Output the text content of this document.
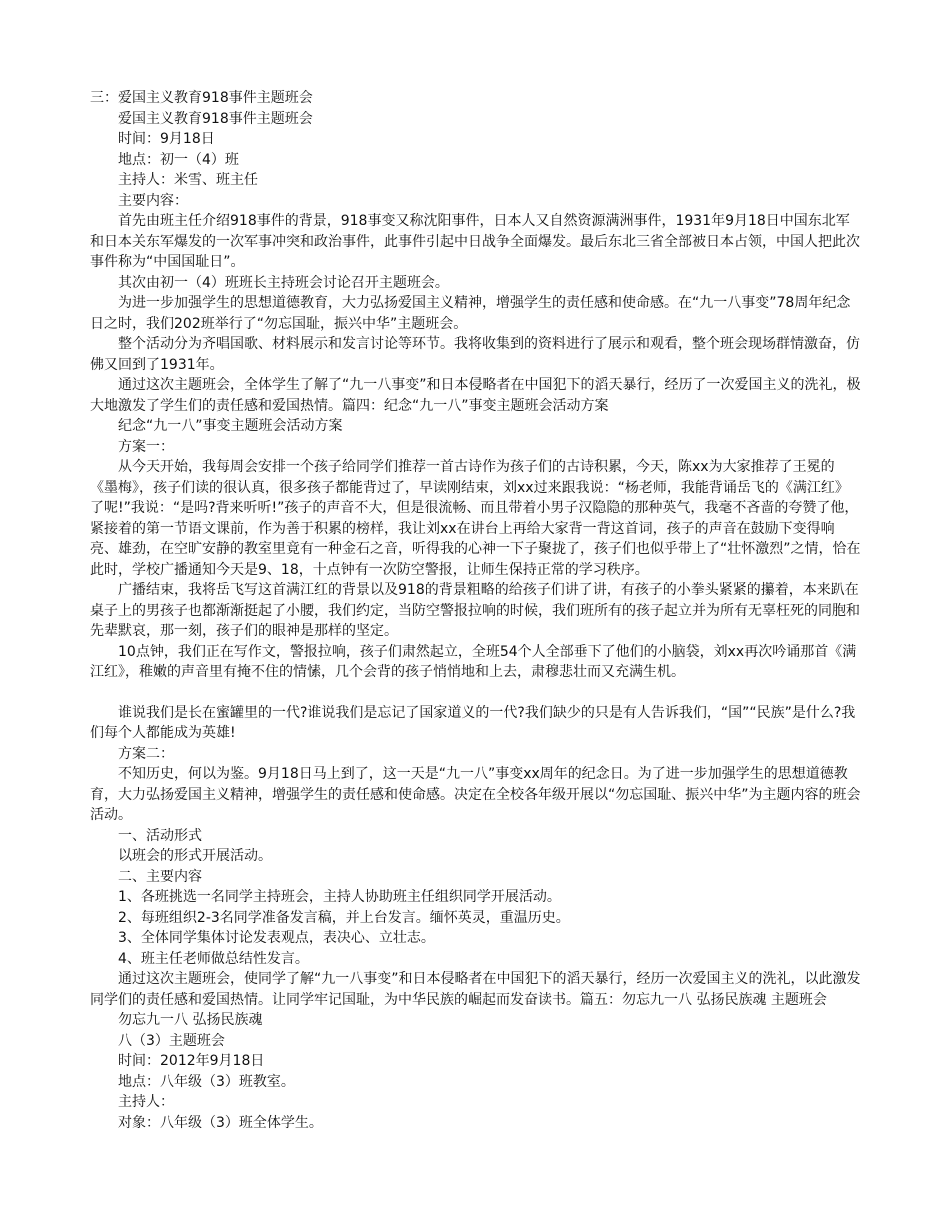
三：爱国主义教育918事件主题班会

爱国主义教育918事件主题班会

时间：9月18日

地点：初一（4）班

主持人：米雪、班主任

主要内容：

首先由班主任介绍918事件的背景，918事变又称沈阳事件，日本人又自然资源满洲事件，1931年9月18日中国东北军和日本关东军爆发的一次军事冲突和政治事件，此事件引起中日战争全面爆发。最后东北三省全部被日本占领，中国人把此次事件称为“中国国耻日”。

其次由初一（4）班班长主持班会讨论召开主题班会。

为进一步加强学生的思想道德教育，大力弘扬爱国主义精神，增强学生的责任感和使命感。在“九一八事变”78周年纪念日之时，我们202班举行了“勿忘国耻，振兴中华”主题班会。

整个活动分为齐唱国歌、材料展示和发言讨论等环节。我将收集到的资料进行了展示和观看，整个班会现场群情激奋，仿佛又回到了1931年。

通过这次主题班会，全体学生了解了“九一八事变”和日本侵略者在中国犯下的滔天暴行，经历了一次爱国主义的洗礼，极大地激发了学生们的责任感和爱国热情。篇四：纪念“九一八”事变主题班会活动方案

纪念“九一八”事变主题班会活动方案

方案一：

从今天开始，我每周会安排一个孩子给同学们推荐一首古诗作为孩子们的古诗积累，今天，陈xx为大家推荐了王冕的《墨梅》，孩子们读的很认真，很多孩子都能背过了，早读刚结束，刘xx过来跟我说：“杨老师，我能背诵岳飞的《满江红》了呢!”我说：“是吗?背来听听!”孩子的声音不大，但是很流畅、而且带着小男子汉隐隐的那种英气，我毫不吝啬的夸赞了他，紧接着的第一节语文课前，作为善于积累的榜样，我让刘xx在讲台上再给大家背一背这首词，孩子的声音在鼓励下变得响亮、雄劲，在空旷安静的教室里竟有一种金石之音，听得我的心神一下子聚拢了，孩子们也似乎带上了“壮怀激烈”之情，恰在此时，学校广播通知今天是9、18，十点钟有一次防空警报，让师生保持正常的学习秩序。

广播结束，我将岳飞写这首满江红的背景以及918的背景粗略的给孩子们讲了讲，有孩子的小拳头紧紧的攥着，本来趴在桌子上的男孩子也都渐渐挺起了小腰，我们约定，当防空警报拉响的时候，我们班所有的孩子起立并为所有无辜枉死的同胞和先辈默哀，那一刻，孩子们的眼神是那样的坚定。

10点钟，我们正在写作文，警报拉响，孩子们肃然起立，全班54个人全部垂下了他们的小脑袋，刘xx再次吟诵那首《满江红》，稚嫩的声音里有掩不住的情愫，几个会背的孩子悄悄地和上去，肃穆悲壮而又充满生机。

谁说我们是长在蜜罐里的一代?谁说我们是忘记了国家道义的一代?我们缺少的只是有人告诉我们，“国”“民族”是什么?我们每个人都能成为英雄!

方案二：

不知历史，何以为鉴。9月18日马上到了，这一天是“九一八”事变xx周年的纪念日。为了进一步加强学生的思想道德教育，大力弘扬爱国主义精神，增强学生的责任感和使命感。决定在全校各年级开展以“勿忘国耻、振兴中华”为主题内容的班会活动。

一、活动形式

以班会的形式开展活动。

二、主要内容

1、各班挑选一名同学主持班会，主持人协助班主任组织同学开展活动。

2、每班组织2-3名同学准备发言稿，并上台发言。缅怀英灵，重温历史。

3、全体同学集体讨论发表观点，表决心、立壮志。

4、班主任老师做总结性发言。

通过这次主题班会，使同学了解“九一八事变”和日本侵略者在中国犯下的滔天暴行，经历一次爱国主义的洗礼，以此激发同学们的责任感和爱国热情。让同学牢记国耻，为中华民族的崛起而发奋读书。篇五：勿忘九一八 弘扬民族魂 主题班会

勿忘九一八 弘扬民族魂

八（3）主题班会

时间：2012年9月18日

地点：八年级（3）班教室。

主持人：

对象：八年级（3）班全体学生。
